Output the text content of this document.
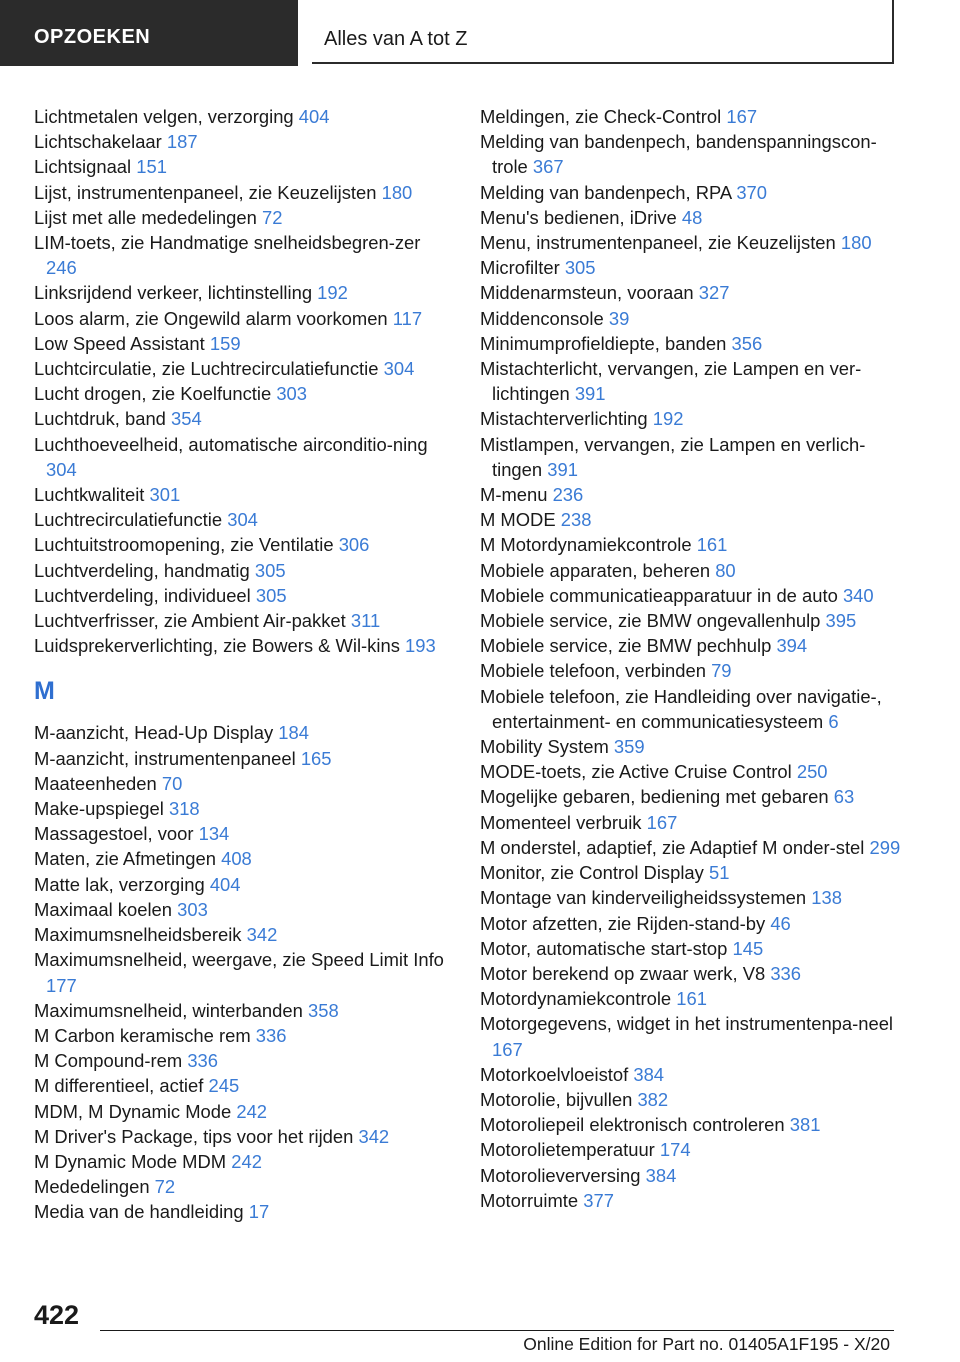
OPZOEKEN	Alles van A tot Z
Lichtmetalen velgen, verzorging 404
Lichtschakelaar 187
Lichtsignaal 151
Lijst, instrumentenpaneel, zie Keuzelijsten 180
Lijst met alle mededelingen 72
LIM-toets, zie Handmatige snelheidsbegren-zer 246
Linksrijdend verkeer, lichtinstelling 192
Loos alarm, zie Ongewild alarm voorkomen 117
Low Speed Assistant 159
Luchtcirculatie, zie Luchtrecirculatiefunctie 304
Lucht drogen, zie Koelfunctie 303
Luchtdruk, band 354
Luchthoeveelheid, automatische airconditio-ning 304
Luchtkwaliteit 301
Luchtrecirculatiefunctie 304
Luchtuitstroomopening, zie Ventilatie 306
Luchtverdeling, handmatig 305
Luchtverdeling, individueel 305
Luchtverfrisser, zie Ambient Air-pakket 311
Luidsprekerverlichting, zie Bowers & Wil-kins 193
M
M-aanzicht, Head-Up Display 184
M-aanzicht, instrumentenpaneel 165
Maateenheden 70
Make-upspiegel 318
Massagestoel, voor 134
Maten, zie Afmetingen 408
Matte lak, verzorging 404
Maximaal koelen 303
Maximumsnelheidsbereik 342
Maximumsnelheid, weergave, zie Speed Limit Info 177
Maximumsnelheid, winterbanden 358
M Carbon keramische rem 336
M Compound-rem 336
M differentieel, actief 245
MDM, M Dynamic Mode 242
M Driver's Package, tips voor het rijden 342
M Dynamic Mode MDM 242
Mededelingen 72
Media van de handleiding 17
Meldingen, zie Check-Control 167
Melding van bandenpech, bandenspanningscon-trole 367
Melding van bandenpech, RPA 370
Menu's bedienen, iDrive 48
Menu, instrumentenpaneel, zie Keuzelijsten 180
Microfilter 305
Middenarmsteun, vooraan 327
Middenconsole 39
Minimumprofieldiepte, banden 356
Mistachterlicht, vervangen, zie Lampen en ver-lichtingen 391
Mistachterverlichting 192
Mistlampen, vervangen, zie Lampen en verlich-tingen 391
M-menu 236
M MODE 238
M Motordynamiekcontrole 161
Mobiele apparaten, beheren 80
Mobiele communicatieapparatuur in de auto 340
Mobiele service, zie BMW ongevallenhulp 395
Mobiele service, zie BMW pechhulp 394
Mobiele telefoon, verbinden 79
Mobiele telefoon, zie Handleiding over navigatie-, entertainment- en communicatiesysteem 6
Mobility System 359
MODE-toets, zie Active Cruise Control 250
Mogelijke gebaren, bediening met gebaren 63
Momenteel verbruik 167
M onderstel, adaptief, zie Adaptief M onder-stel 299
Monitor, zie Control Display 51
Montage van kinderveiligheidssystemen 138
Motor afzetten, zie Rijden-stand-by 46
Motor, automatische start-stop 145
Motor berekend op zwaar werk, V8 336
Motordynamiekcontrole 161
Motorgegevens, widget in het instrumentenpa-neel 167
Motorkoelvloeistof 384
Motorolie, bijvullen 382
Motoroliepeil elektronisch controleren 381
Motorolietemperatuur 174
Motorolieverversing 384
Motorruimte 377
422
Online Edition for Part no. 01405A1F195 - X/20
